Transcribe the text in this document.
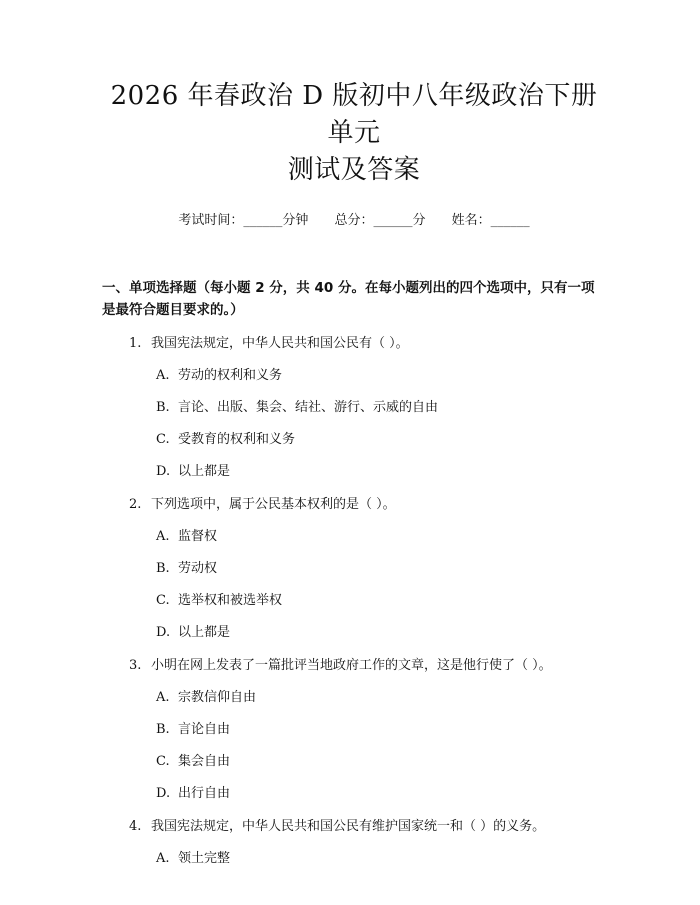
2026 年春政治 D 版初中八年级政治下册单元
测试及答案
考试时间：______分钟 总分：______分 姓名：______
一、单项选择题（每小题 2 分，共 40 分。在每小题列出的四个选项中，只有一项是最符合题目要求的。）
1. 我国宪法规定，中华人民共和国公民有（ ）。
A. 劳动的权利和义务
B. 言论、出版、集会、结社、游行、示威的自由
C. 受教育的权利和义务
D. 以上都是
2. 下列选项中，属于公民基本权利的是（ ）。
A. 监督权
B. 劳动权
C. 选举权和被选举权
D. 以上都是
3. 小明在网上发表了一篇批评当地政府工作的文章，这是他行使了（ ）。
A. 宗教信仰自由
B. 言论自由
C. 集会自由
D. 出行自由
4. 我国宪法规定，中华人民共和国公民有维护国家统一和（ ）的义务。
A. 领土完整
